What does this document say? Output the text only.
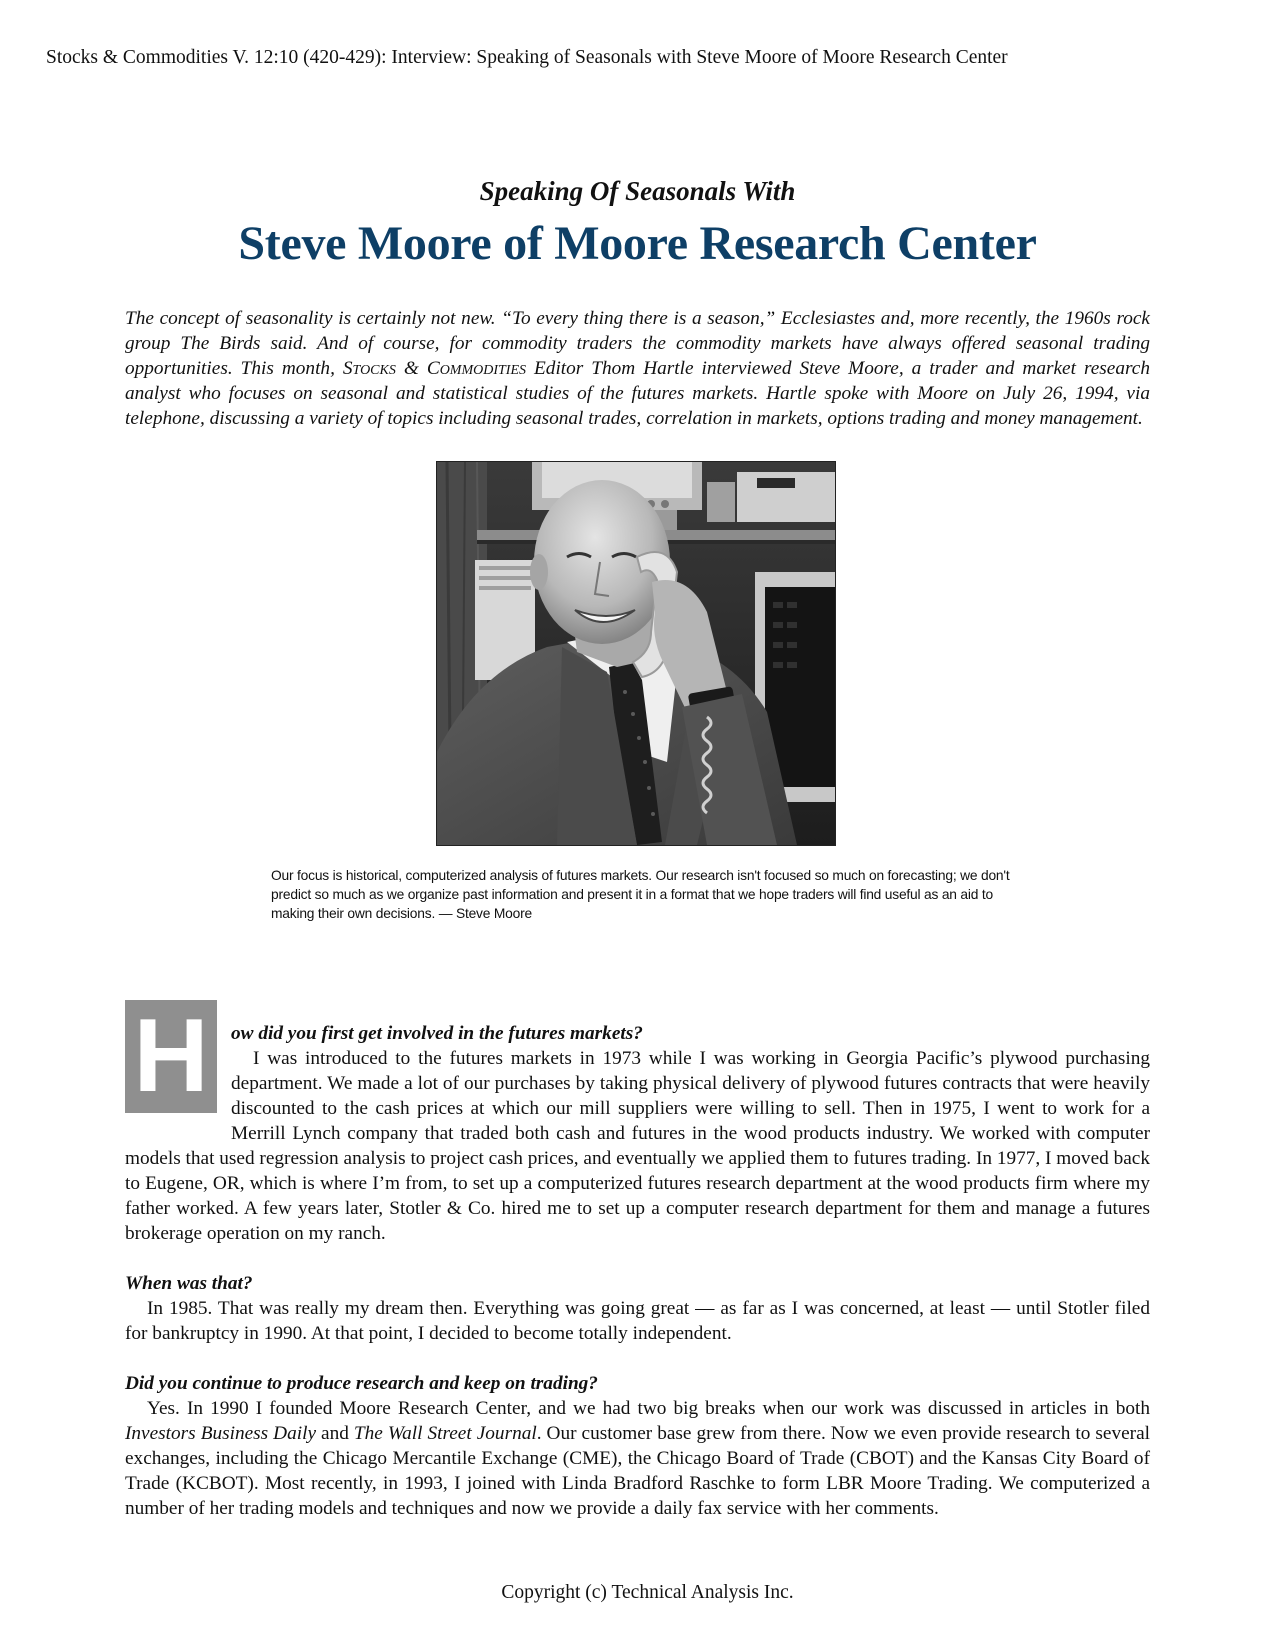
Stocks & Commodities V. 12:10 (420-429): Interview: Speaking of Seasonals with Steve Moore of Moore Research Center
Speaking Of Seasonals With
Steve Moore of Moore Research Center

The concept of seasonality is certainly not new. “To every thing there is a season,” Ecclesiastes and, more recently, the 1960s rock group The Birds said. And of course, for commodity traders the commodity markets have always offered seasonal trading opportunities. This month, Stocks & Commodities Editor Thom Hartle interviewed Steve Moore, a trader and market research analyst who focuses on seasonal and statistical studies of the futures markets. Hartle spoke with Moore on July 26, 1994, via telephone, discussing a variety of topics including seasonal trades, correlation in markets, options trading and money management.

Our focus is historical, computerized analysis of futures markets. Our research isn't focused so much on forecasting; we don't predict so much as we organize past information and present it in a format that we hope traders will find useful as an aid to making their own decisions. — Steve Moore

H	ow did you first get involved in the futures markets?

I was introduced to the futures markets in 1973 while I was working in Georgia Pacific’s plywood purchasing department. We made a lot of our purchases by taking physical delivery of plywood futures contracts that were heavily discounted to the cash prices at which our mill suppliers were willing to sell. Then in 1975, I went to work for a Merrill Lynch company that traded both cash and futures in the wood products industry. We worked with computer models that used regression analysis to project cash prices, and eventually we applied them to futures trading. In 1977, I moved back to Eugene, OR, which is where I’m from, to set up a computerized futures research department at the wood products firm where my father worked. A few years later, Stotler & Co. hired me to set up a computer research department for them and manage a futures brokerage operation on my ranch.

When was that?

In 1985. That was really my dream then. Everything was going great — as far as I was concerned, at least — until Stotler filed for bankruptcy in 1990. At that point, I decided to become totally independent.

Did you continue to produce research and keep on trading?

Yes. In 1990 I founded Moore Research Center, and we had two big breaks when our work was discussed in articles in both Investors Business Daily and The Wall Street Journal. Our customer base grew from there. Now we even provide research to several exchanges, including the Chicago Mercantile Exchange (CME), the Chicago Board of Trade (CBOT) and the Kansas City Board of Trade (KCBOT). Most recently, in 1993, I joined with Linda Bradford Raschke to form LBR Moore Trading. We computerized a number of her trading models and techniques and now we provide a daily fax service with her comments.

Copyright (c) Technical Analysis Inc.
